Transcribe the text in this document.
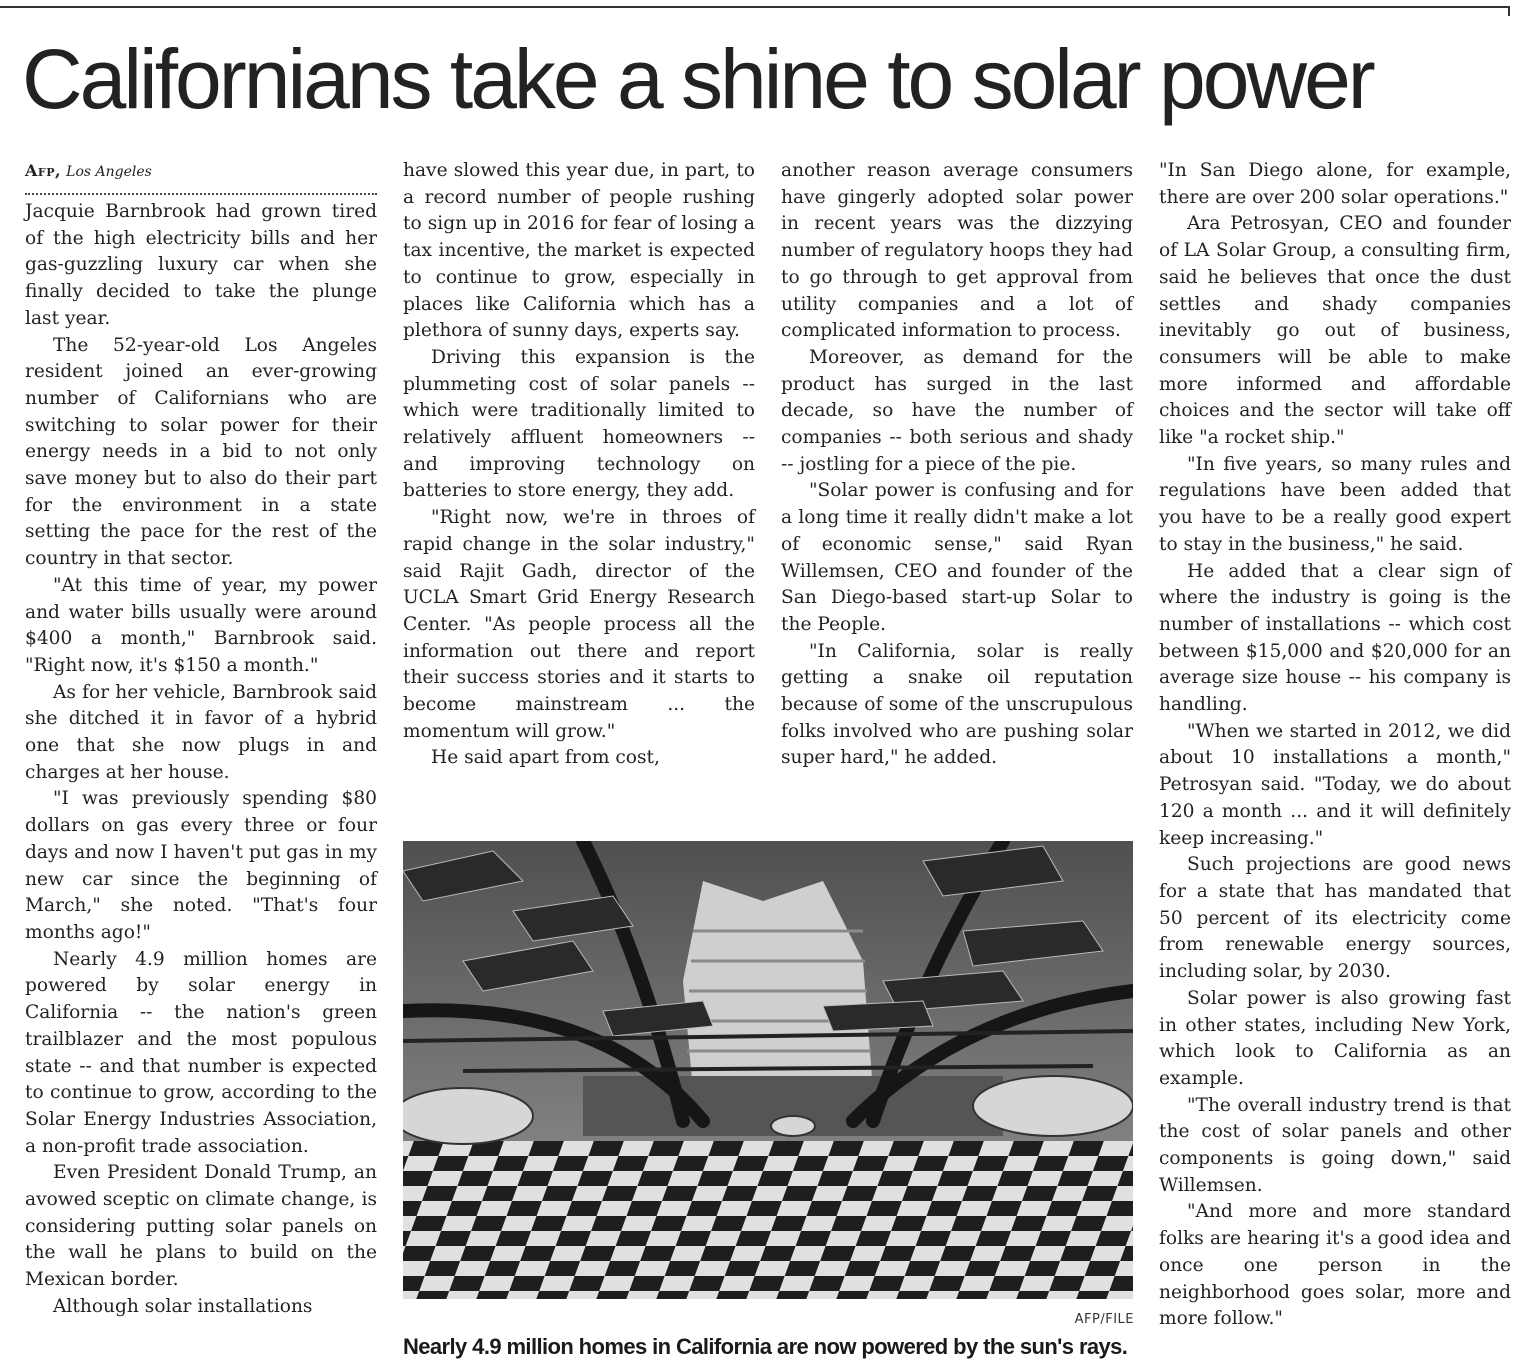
Californians take a shine to solar power
Afp, Los Angeles

Jacquie Barnbrook had grown tired of the high electricity bills and her gas-guzzling luxury car when she finally decided to take the plunge last year.

The 52-year-old Los Angeles resident joined an ever-growing number of Californians who are switching to solar power for their energy needs in a bid to not only save money but to also do their part for the environment in a state setting the pace for the rest of the country in that sector.

"At this time of year, my power and water bills usually were around $400 a month," Barnbrook said. "Right now, it's $150 a month."

As for her vehicle, Barnbrook said she ditched it in favor of a hybrid one that she now plugs in and charges at her house.

"I was previously spending $80 dollars on gas every three or four days and now I haven't put gas in my new car since the beginning of March," she noted. "That's four months ago!"

Nearly 4.9 million homes are powered by solar energy in California -- the nation's green trailblazer and the most populous state -- and that number is expected to continue to grow, according to the Solar Energy Industries Association, a non-profit trade association.

Even President Donald Trump, an avowed sceptic on climate change, is considering putting solar panels on the wall he plans to build on the Mexican border.

Although solar installations

have slowed this year due, in part, to a record number of people rushing to sign up in 2016 for fear of losing a tax incentive, the market is expected to continue to grow, especially in places like California which has a plethora of sunny days, experts say.

Driving this expansion is the plummeting cost of solar panels -- which were traditionally limited to relatively affluent homeowners -- and improving technology on batteries to store energy, they add.

"Right now, we're in throes of rapid change in the solar industry," said Rajit Gadh, director of the UCLA Smart Grid Energy Research Center. "As people process all the information out there and report their success stories and it starts to become mainstream ... the momentum will grow."

He said apart from cost,

another reason average consumers have gingerly adopted solar power in recent years was the dizzying number of regulatory hoops they had to go through to get approval from utility companies and a lot of complicated information to process.

Moreover, as demand for the product has surged in the last decade, so have the number of companies -- both serious and shady -- jostling for a piece of the pie.

"Solar power is confusing and for a long time it really didn't make a lot of economic sense," said Ryan Willemsen, CEO and founder of the San Diego-based start-up Solar to the People.

"In California, solar is really getting a snake oil reputation because of some of the unscrupulous folks involved who are pushing solar super hard," he added.

"In San Diego alone, for example, there are over 200 solar operations."

Ara Petrosyan, CEO and founder of LA Solar Group, a consulting firm, said he believes that once the dust settles and shady companies inevitably go out of business, consumers will be able to make more informed and affordable choices and the sector will take off like "a rocket ship."

"In five years, so many rules and regulations have been added that you have to be a really good expert to stay in the business," he said.

He added that a clear sign of where the industry is going is the number of installations -- which cost between $15,000 and $20,000 for an average size house -- his company is handling.

"When we started in 2012, we did about 10 installations a month," Petrosyan said. "Today, we do about 120 a month ... and it will definitely keep increasing."

Such projections are good news for a state that has mandated that 50 percent of its electricity come from renewable energy sources, including solar, by 2030.

Solar power is also growing fast in other states, including New York, which look to California as an example.

"The overall industry trend is that the cost of solar panels and other components is going down," said Willemsen.

"And more and more standard folks are hearing it's a good idea and once one person in the neighborhood goes solar, more and more follow."

AFP/FILE
Nearly 4.9 million homes in California are now powered by the sun's rays.
